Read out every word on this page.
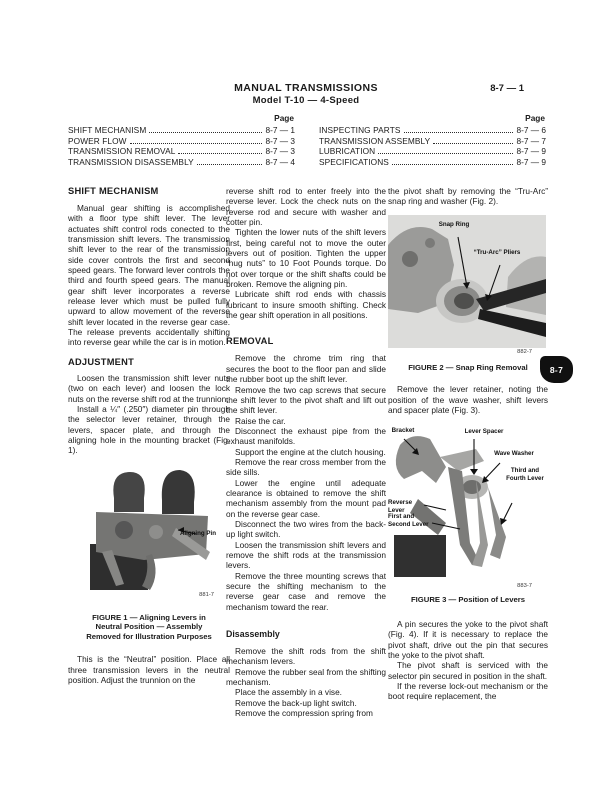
MANUAL TRANSMISSIONS
Model T-10 — 4-Speed
8-7 — 1
Page
SHIFT MECHANISM	8-7 — 1
POWER FLOW	8-7 — 3
TRANSMISSION REMOVAL	8-7 — 3
TRANSMISSION DISASSEMBLY	8-7 — 4
Page
INSPECTING PARTS	8-7 — 6
TRANSMISSION ASSEMBLY	8-7 — 7
LUBRICATION	8-7 — 9
SPECIFICATIONS	8-7 — 9
SHIFT MECHANISM

Manual gear shifting is accomplished with a floor type shift lever. The lever actuates shift control rods conected to the transmission shift levers. The transmission shift lever to the rear of the transmission side cover controls the first and second speed gears. The forward lever controls the third and fourth speed gears. The manual gear shift lever incorporates a reverse release lever which must be pulled fully upward to allow movement of the reverse shift lever located in the reverse gear case. The release prevents accidentally shifting into reverse gear while the car is in motion.

ADJUSTMENT

Loosen the transmission shift lever nuts (two on each lever) and loosen the lock nuts on the reverse shift rod at the trunnion.

Install a ¼″ (.250″) diameter pin through the selector lever retainer, through the levers, spacer plate, and through the aligning hole in the mounting bracket (Fig. 1).

Aligning Pin
881-7
FIGURE 1 — Aligning Levers in Neutral Position — Assembly Removed for Illustration Purposes

This is the “Neutral” position. Place all three transmission levers in the neutral position. Adjust the trunnion on the

reverse shift rod to enter freely into the reverse lever. Lock the check nuts on the reverse rod and secure with washer and cotter pin.

Tighten the lower nuts of the shift levers first, being careful not to move the outer levers out of position. Tighten the upper “hug nuts” to 10 Foot Pounds torque. Do not over torque or the shift shafts could be broken. Remove the aligning pin.

Lubricate shift rod ends with chassis lubricant to insure smooth shifting. Check the gear shift operation in all positions.

REMOVAL

Remove the chrome trim ring that secures the boot to the floor pan and slide the rubber boot up the shift lever.

Remove the two cap screws that secure the shift lever to the pivot shaft and lift out the shift lever.

Raise the car.

Disconnect the exhaust pipe from the exhaust manifolds.

Support the engine at the clutch housing.

Remove the rear cross member from the side sills.

Lower the engine until adequate clearance is obtained to remove the shift mechanism assembly from the mount pad on the reverse gear case.

Disconnect the two wires from the back-up light switch.

Loosen the transmission shift levers and remove the shift rods at the transmission levers.

Remove the three mounting screws that secure the shifting mechanism to the reverse gear case and remove the mechanism toward the rear.

Disassembly

Remove the shift rods from the shift mechanism levers.

Remove the rubber seal from the shifting mechanism.

Place the assembly in a vise.

Remove the back-up light switch.

Remove the compression spring from

the pivot shaft by removing the “Tru-Arc” snap ring and washer (Fig. 2).

Snap Ring
“Tru-Arc” Pliers
882-7
FIGURE 2 — Snap Ring Removal

Remove the lever retainer, noting the position of the wave washer, shift levers and spacer plate (Fig. 3).

Bracket	Lever Spacer
Wave Washer
Third and Fourth Lever
Reverse Lever
First and Second Lever
883-7
FIGURE 3 — Position of Levers

A pin secures the yoke to the pivot shaft (Fig. 4). If it is necessary to replace the pivot shaft, drive out the pin that secures the yoke to the pivot shaft.

The pivot shaft is serviced with the selector pin secured in position in the shaft.

If the reverse lock-out mechanism or the boot require replacement, the

8-7
